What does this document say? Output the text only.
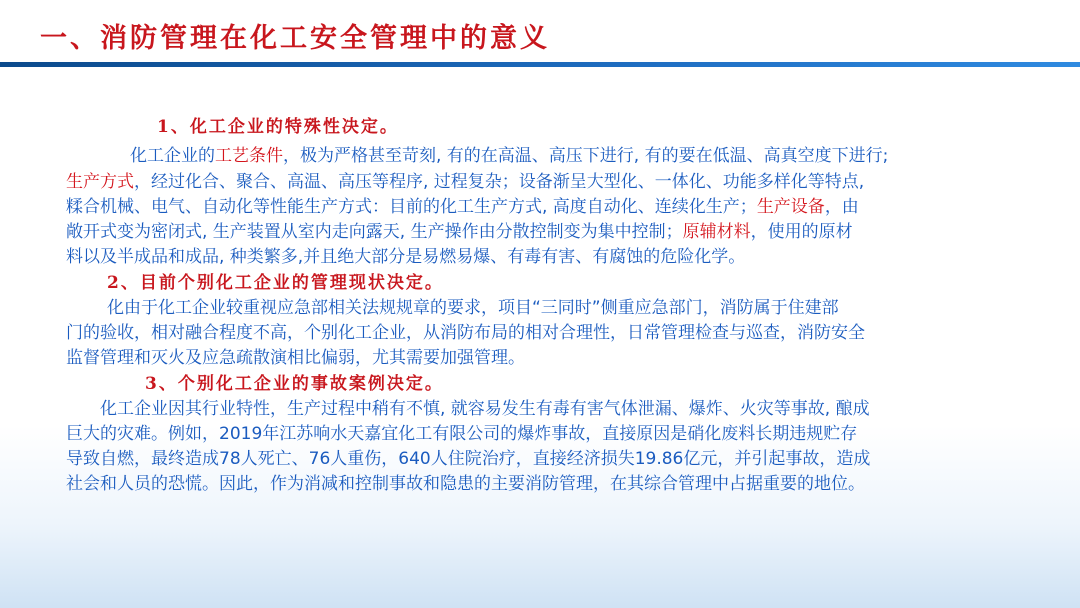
一、消防管理在化工安全管理中的意义
1、化工企业的特殊性决定。
化工企业的工艺条件，极为严格甚至苛刻, 有的在高温、高压下进行, 有的要在低温、高真空度下进行;
生产方式，经过化合、聚合、高温、高压等程序, 过程复杂；设备渐呈大型化、一体化、功能多样化等特点,
糅合机械、电气、自动化等性能生产方式：目前的化工生产方式, 高度自动化、连续化生产；生产设备，由
敞开式变为密闭式, 生产装置从室内走向露天, 生产操作由分散控制变为集中控制；原辅材料，使用的原材
料以及半成品和成品, 种类繁多,并且绝大部分是易燃易爆、有毒有害、有腐蚀的危险化学。
2、目前个别化工企业的管理现状决定。
化由于化工企业较重视应急部相关法规规章的要求，项目“三同时”侧重应急部门，消防属于住建部
门的验收，相对融合程度不高，个别化工企业，从消防布局的相对合理性，日常管理检查与巡查，消防安全
监督管理和灭火及应急疏散演相比偏弱，尤其需要加强管理。
3、个别化工企业的事故案例决定。
化工企业因其行业特性，生产过程中稍有不慎, 就容易发生有毒有害气体泄漏、爆炸、火灾等事故, 酿成
巨大的灾难。例如，2019年江苏响水天嘉宜化工有限公司的爆炸事故，直接原因是硝化废料长期违规贮存
导致自燃，最终造成78人死亡、76人重伤，640人住院治疗，直接经济损失19.86亿元，并引起事故，造成
社会和人员的恐慌。因此，作为消减和控制事故和隐患的主要消防管理，在其综合管理中占据重要的地位。
